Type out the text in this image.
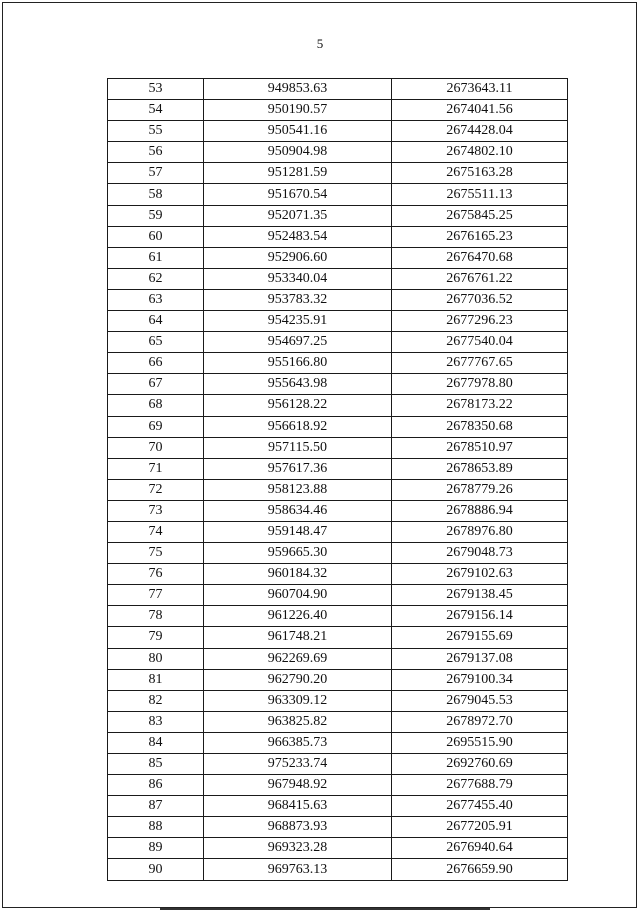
5
53	949853.63	2673643.11
54	950190.57	2674041.56
55	950541.16	2674428.04
56	950904.98	2674802.10
57	951281.59	2675163.28
58	951670.54	2675511.13
59	952071.35	2675845.25
60	952483.54	2676165.23
61	952906.60	2676470.68
62	953340.04	2676761.22
63	953783.32	2677036.52
64	954235.91	2677296.23
65	954697.25	2677540.04
66	955166.80	2677767.65
67	955643.98	2677978.80
68	956128.22	2678173.22
69	956618.92	2678350.68
70	957115.50	2678510.97
71	957617.36	2678653.89
72	958123.88	2678779.26
73	958634.46	2678886.94
74	959148.47	2678976.80
75	959665.30	2679048.73
76	960184.32	2679102.63
77	960704.90	2679138.45
78	961226.40	2679156.14
79	961748.21	2679155.69
80	962269.69	2679137.08
81	962790.20	2679100.34
82	963309.12	2679045.53
83	963825.82	2678972.70
84	966385.73	2695515.90
85	975233.74	2692760.69
86	967948.92	2677688.79
87	968415.63	2677455.40
88	968873.93	2677205.91
89	969323.28	2676940.64
90	969763.13	2676659.90
